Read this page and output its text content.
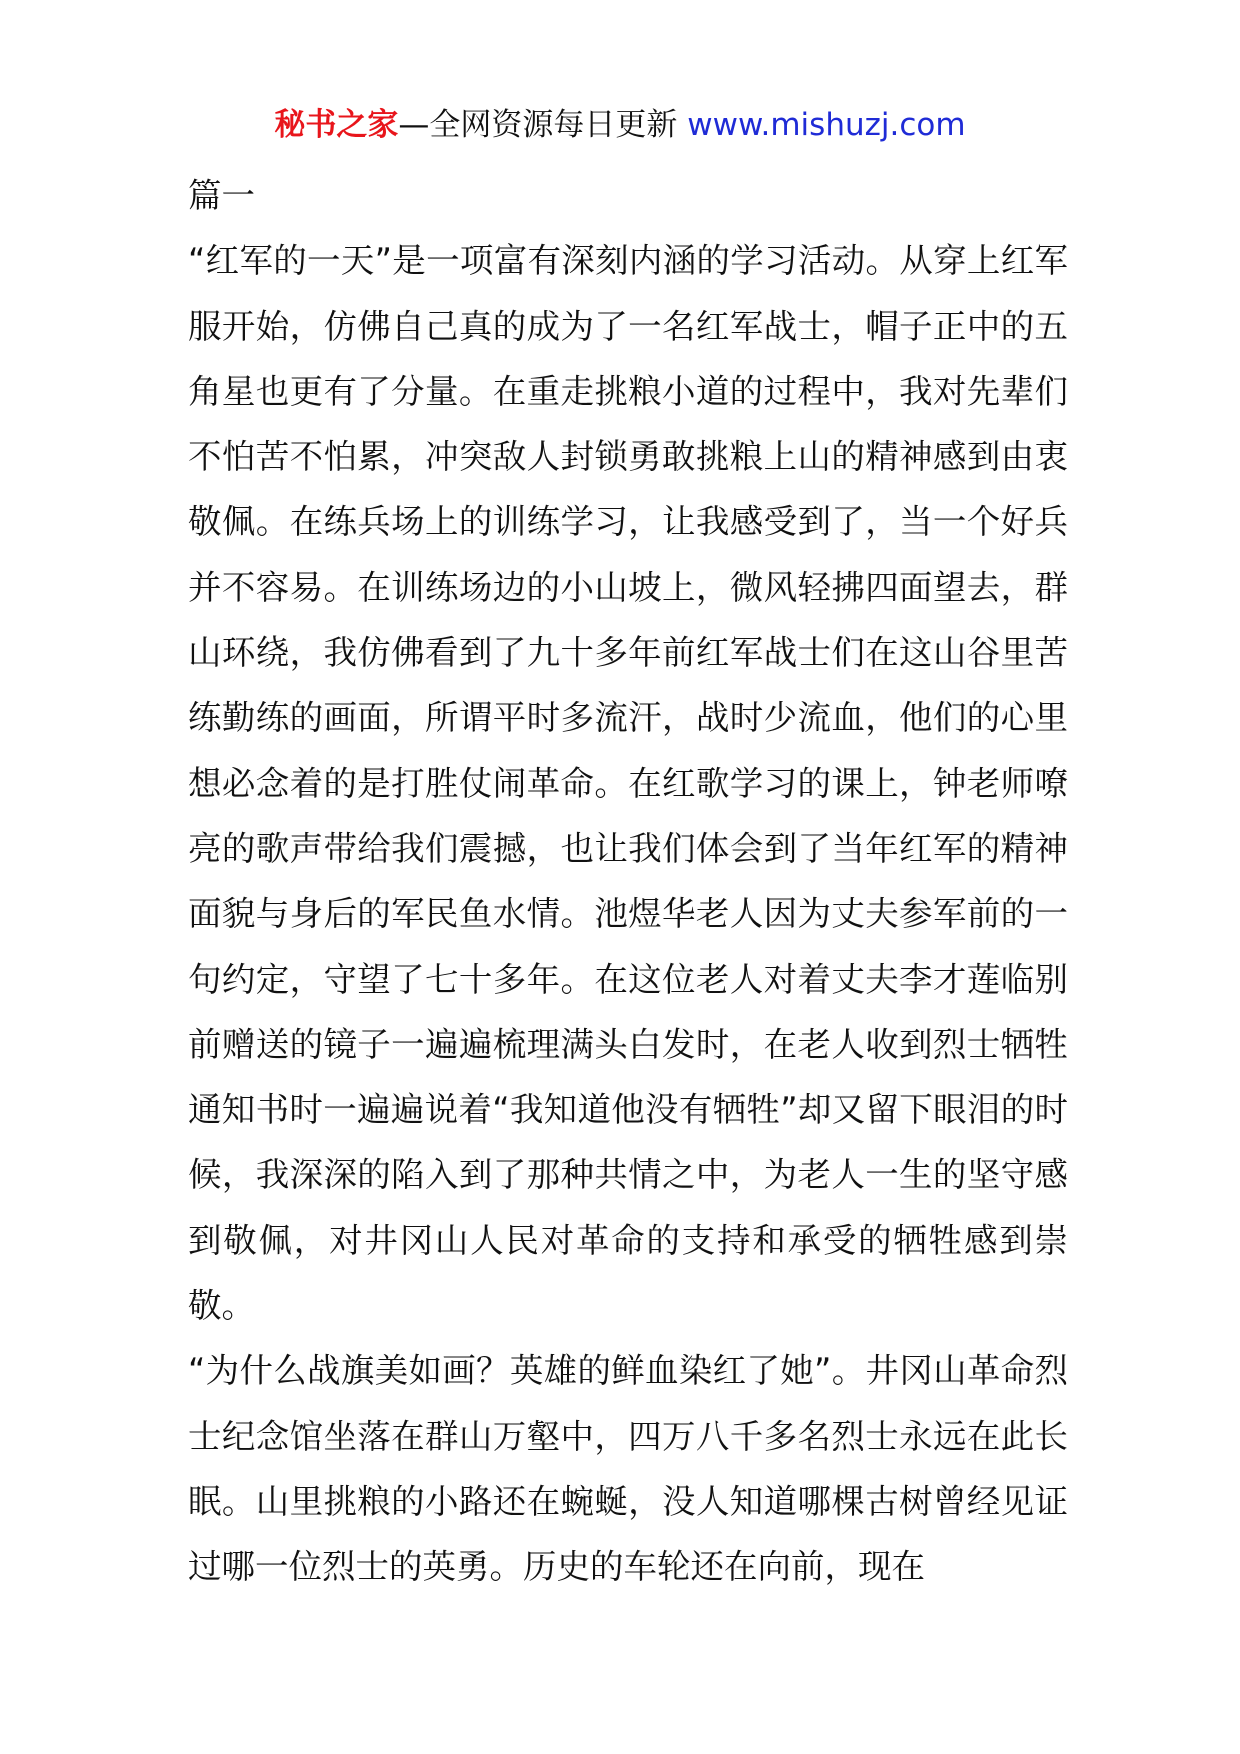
秘书之家—全网资源每日更新 www.mishuzj.com

篇一

“红军的一天”是一项富有深刻内涵的学习活动。从穿上红军服开始，仿佛自己真的成为了一名红军战士，帽子正中的五角星也更有了分量。在重走挑粮小道的过程中，我对先辈们不怕苦不怕累，冲突敌人封锁勇敢挑粮上山的精神感到由衷敬佩。在练兵场上的训练学习，让我感受到了，当一个好兵并不容易。在训练场边的小山坡上，微风轻拂四面望去，群山环绕，我仿佛看到了九十多年前红军战士们在这山谷里苦练勤练的画面，所谓平时多流汗，战时少流血，他们的心里想必念着的是打胜仗闹革命。在红歌学习的课上，钟老师嘹亮的歌声带给我们震撼，也让我们体会到了当年红军的精神面貌与身后的军民鱼水情。池煜华老人因为丈夫参军前的一句约定，守望了七十多年。在这位老人对着丈夫李才莲临别前赠送的镜子一遍遍梳理满头白发时，在老人收到烈士牺牲通知书时一遍遍说着“我知道他没有牺牲”却又留下眼泪的时候，我深深的陷入到了那种共情之中，为老人一生的坚守感到敬佩，对井冈山人民对革命的支持和承受的牺牲感到崇敬。

“为什么战旗美如画？英雄的鲜血染红了她”。井冈山革命烈士纪念馆坐落在群山万壑中，四万八千多名烈士永远在此长眠。山里挑粮的小路还在蜿蜒，没人知道哪棵古树曾经见证过哪一位烈士的英勇。历史的车轮还在向前，现在
